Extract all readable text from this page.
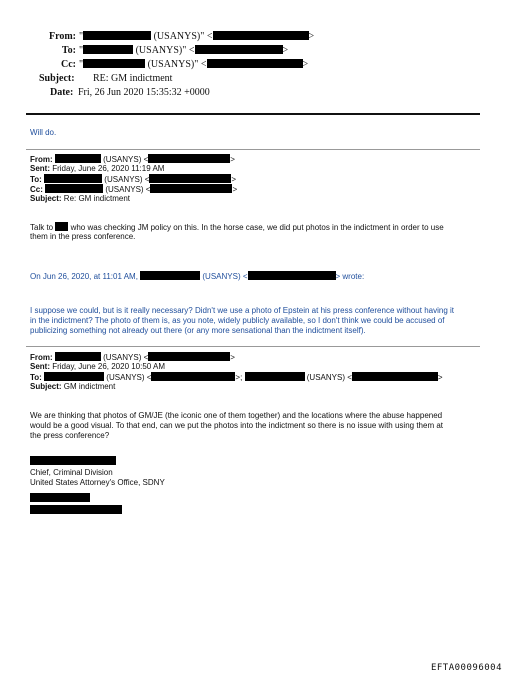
From: "	(USANYS)" <	>
To: "	(USANYS)" <	>
Cc: "	(USANYS)" <	>
Subject: RE: GM indictment
Date: Fri, 26 Jun 2020 15:35:32 +0000
Will do.
From:	(USANYS) <	>
Sent: Friday, June 26, 2020 11:19 AM
To:	(USANYS) <	>
Cc:	(USANYS) <	>
Subject: Re: GM indictment
Talk to  who was checking JM policy on this. In the horse case, we did put photos in the indictment in order to use
them in the press conference.
On Jun 26, 2020, at 11:01 AM,	(USANYS) <	> wrote:
I suppose we could, but is it really necessary? Didn't we use a photo of Epstein at his press conference without having it
in the indictment? The photo of them is, as you note, widely publicly available, so I don't think we could be accused of
publicizing something not already out there (or any more sensational than the indictment itself).
From:	(USANYS) <	>
Sent: Friday, June 26, 2020 10:50 AM
To:	(USANYS) <	>;	(USANYS) <	>
Subject: GM indictment
We are thinking that photos of GM/JE (the iconic one of them together) and the locations where the abuse happened
would be a good visual. To that end, can we put the photos into the indictment so there is no issue with using them at
the press conference?
Chief, Criminal Division
United States Attorney's Office, SDNY
EFTA00096004
